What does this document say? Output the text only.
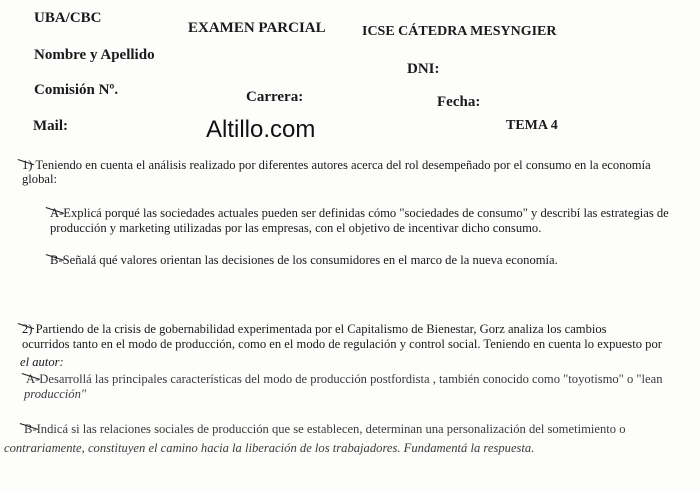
UBA/CBC
EXAMEN PARCIAL	ICSE CÁTEDRA MESYNGIER
Nombre y Apellido
DNI:
Comisión Nº.	Carrera:	Fecha:
Mail:	TEMA 4
Altillo.com
1) Teniendo en cuenta el análisis realizado por diferentes autores acerca del rol desempeñado por el consumo en la economía
global:
A-Explicá porqué las sociedades actuales pueden ser definidas cómo "sociedades de consumo" y describí las estrategias de
producción y marketing utilizadas por las empresas, con el objetivo de incentivar dicho consumo.
B-Señalá qué valores orientan las decisiones de los consumidores en el marco de la nueva economía.
2) Partiendo de la crisis de gobernabilidad experimentada por el Capitalismo de Bienestar, Gorz analiza los cambios
ocurridos tanto en el modo de producción, como en el modo de regulación y control social. Teniendo en cuenta lo expuesto por
el autor:
A-Desarrollá las principales características del modo de producción postfordista , también conocido como "toyotismo" o "lean
producción"
B-Indicá si las relaciones sociales de producción que se establecen, determinan una personalización del sometimiento o
contrariamente, constituyen el camino hacia la liberación de los trabajadores. Fundamentá la respuesta.
